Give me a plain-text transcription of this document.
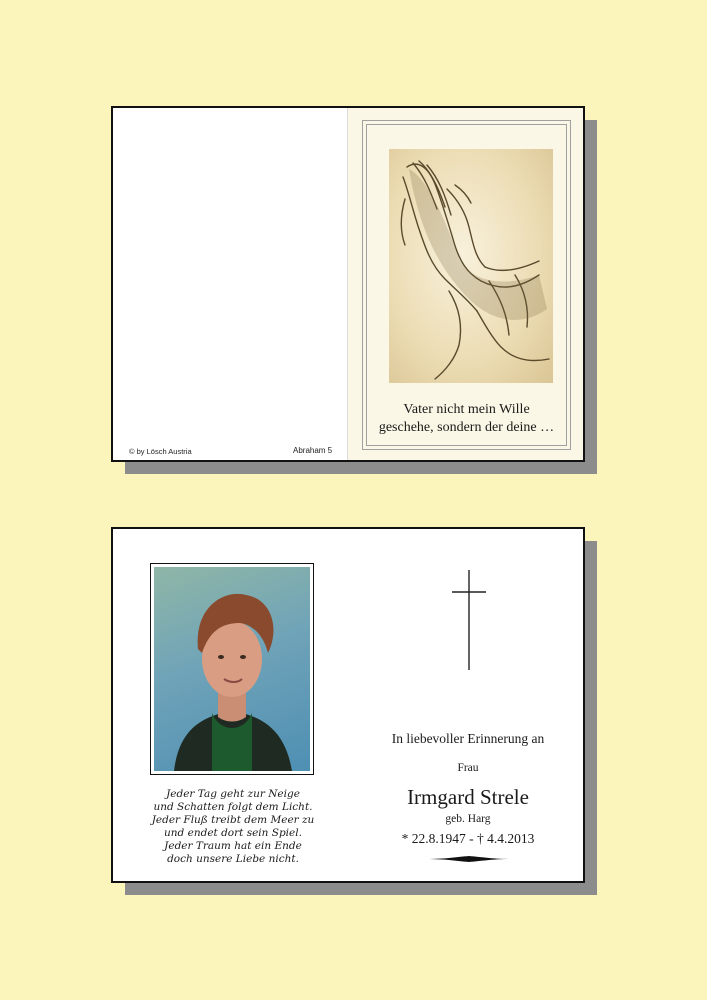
© by Lösch Austria	Abraham 5
Vater nicht mein Wille
geschehe, sondern der deine …
Jeder Tag geht zur Neige
und Schatten folgt dem Licht.
Jeder Fluß treibt dem Meer zu
und endet dort sein Spiel.
Jeder Traum hat ein Ende
doch unsere Liebe nicht.
In liebevoller Erinnerung an
Frau
Irmgard Strele
geb. Harg
* 22.8.1947 - † 4.4.2013
